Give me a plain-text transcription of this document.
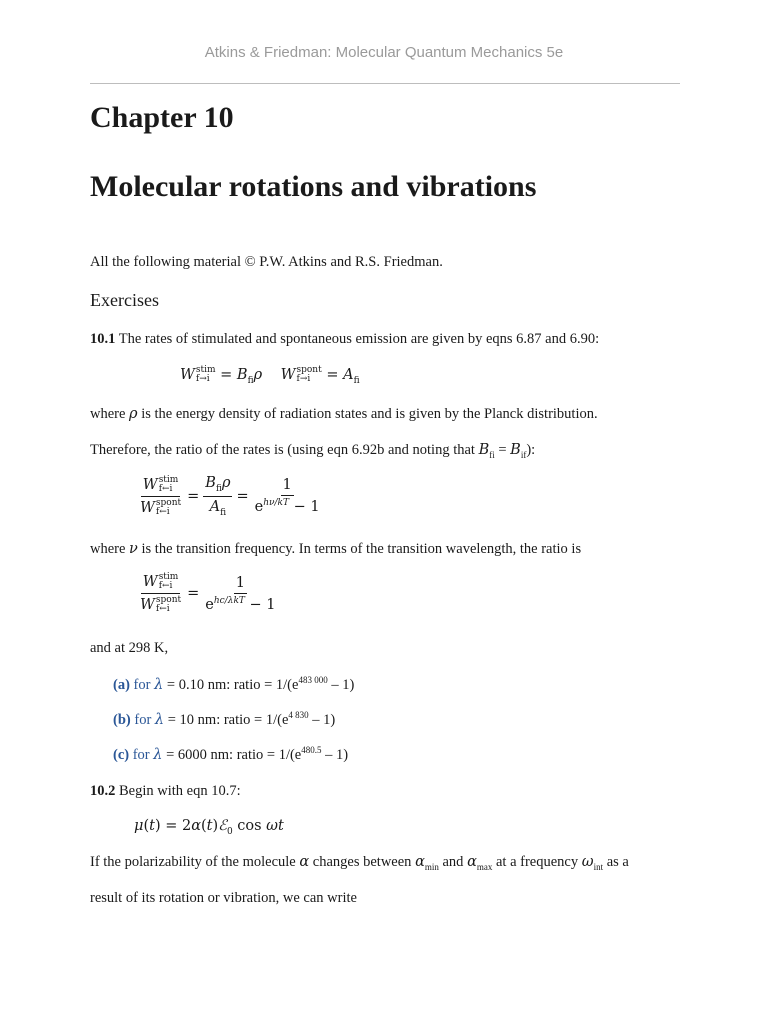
Atkins & Friedman: Molecular Quantum Mechanics 5e
Chapter 10
Molecular rotations and vibrations
All the following material © P.W. Atkins and R.S. Friedman.
Exercises
10.1 The rates of stimulated and spontaneous emission are given by eqns 6.87 and 6.90:
W stim
$f\to i = B_{fi}\rho$    W spont
f→i	= $A_{fi}$
where ρ is the energy density of radiation states and is given by the Planck distribution.
Therefore, the ratio of the rates is (using eqn 6.92b and noting that $B_{fi} = B_{if}$):
W stim
f←i
W spont
f←i = $\frac{B_{fi}\rho}{A_{fi}} = \frac{1}{e^{h\nu/kT} - 1}$
where ν is the transition frequency. In terms of the transition wavelength, the ratio is
W stim
f←i
W spont
f←i = $\frac{1}{e^{hc/\lambda kT} - 1}$
and at 298 K,
(a) for λ = 0.10 nm: ratio = $1/(e^{483 000} - 1)$
(b) for λ = 10 nm: ratio = $1/(e^{4 830} - 1)$
(c) for λ = 6000 nm: ratio = $1/(e^{480.5} - 1)$
10.2 Begin with eqn 10.7:
μ(t) = 2α(t)ℰ$_0$ cos ωt
If the polarizability of the molecule α changes between $\alpha_{min}$ and $\alpha_{max}$ at a frequency $\omega_{int}$ as a
result of its rotation or vibration, we can write
